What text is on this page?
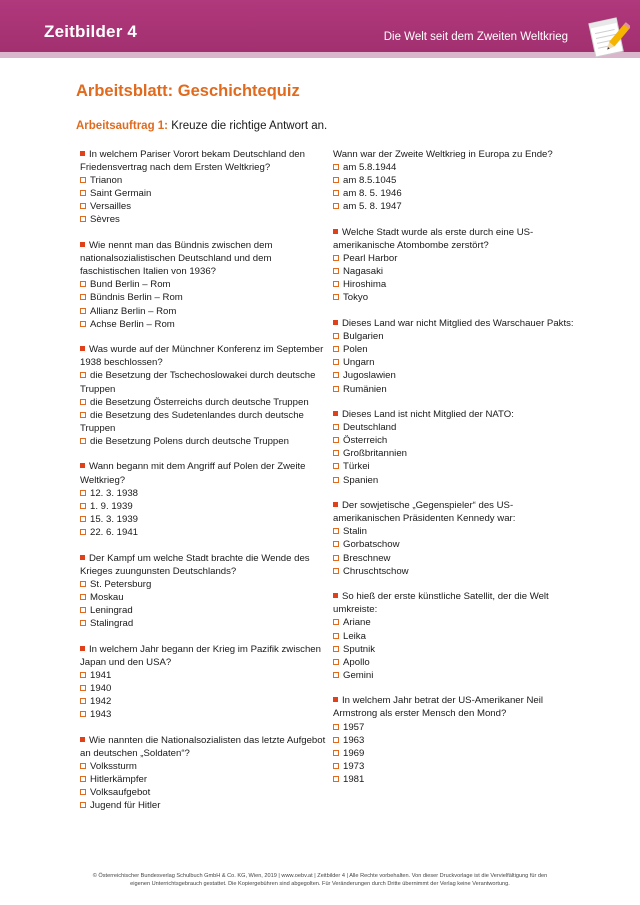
Zeitbilder 4	Die Welt seit dem Zweiten Weltkrieg
Arbeitsblatt: Geschichtequiz
Arbeitsauftrag 1: Kreuze die richtige Antwort an.
In welchem Pariser Vorort bekam Deutschland den Friedensvertrag nach dem Ersten Weltkrieg?
Trianon
Saint Germain
Versailles
Sèvres
Wie nennt man das Bündnis zwischen dem nationalsozialistischen Deutschland und dem faschistischen Italien von 1936?
Bund Berlin – Rom
Bündnis Berlin – Rom
Allianz Berlin – Rom
Achse Berlin – Rom
Was wurde auf der Münchner Konferenz im September 1938 beschlossen?
die Besetzung der Tschechoslowakei durch deutsche Truppen
die Besetzung Österreichs durch deutsche Truppen
die Besetzung des Sudetenlandes durch deutsche Truppen
die Besetzung Polens durch deutsche Truppen
Wann begann mit dem Angriff auf Polen der Zweite Weltkrieg?
12. 3. 1938
1. 9. 1939
15. 3. 1939
22. 6. 1941
Der Kampf um welche Stadt brachte die Wende des Krieges zuungunsten Deutschlands?
St. Petersburg
Moskau
Leningrad
Stalingrad
In welchem Jahr begann der Krieg im Pazifik zwischen Japan und den USA?
1941
1940
1942
1943
Wie nannten die Nationalsozialisten das letzte Aufgebot an deutschen „Soldaten“?
Volkssturm
Hitlerkämpfer
Volksaufgebot
Jugend für Hitler
Wann war der Zweite Weltkrieg in Europa zu Ende?
am 5.8.1944
am 8.5.1045
am 8. 5. 1946
am 5. 8. 1947
Welche Stadt wurde als erste durch eine US-amerikanische Atombombe zerstört?
Pearl Harbor
Nagasaki
Hiroshima
Tokyo
Dieses Land war nicht Mitglied des Warschauer Pakts:
Bulgarien
Polen
Ungarn
Jugoslawien
Rumänien
Dieses Land ist nicht Mitglied der NATO:
Deutschland
Österreich
Großbritannien
Türkei
Spanien
Der sowjetische „Gegenspieler“ des US-amerikanischen Präsidenten Kennedy war:
Stalin
Gorbatschow
Breschnew
Chruschtschow
So hieß der erste künstliche Satellit, der die Welt umkreiste:
Ariane
Leika
Sputnik
Apollo
Gemini
In welchem Jahr betrat der US-Amerikaner Neil Armstrong als erster Mensch den Mond?
1957
1963
1969
1973
1981
© Österreichischer Bundesverlag Schulbuch GmbH & Co. KG, Wien, 2019 | www.oebv.at | Zeitbilder 4 | Alle Rechte vorbehalten. Von dieser Druckvorlage ist die Vervielfältigung für den
eigenen Unterrichtsgebrauch gestattet. Die Kopiergebühren sind abgegolten. Für Veränderungen durch Dritte übernimmt der Verlag keine Verantwortung.
